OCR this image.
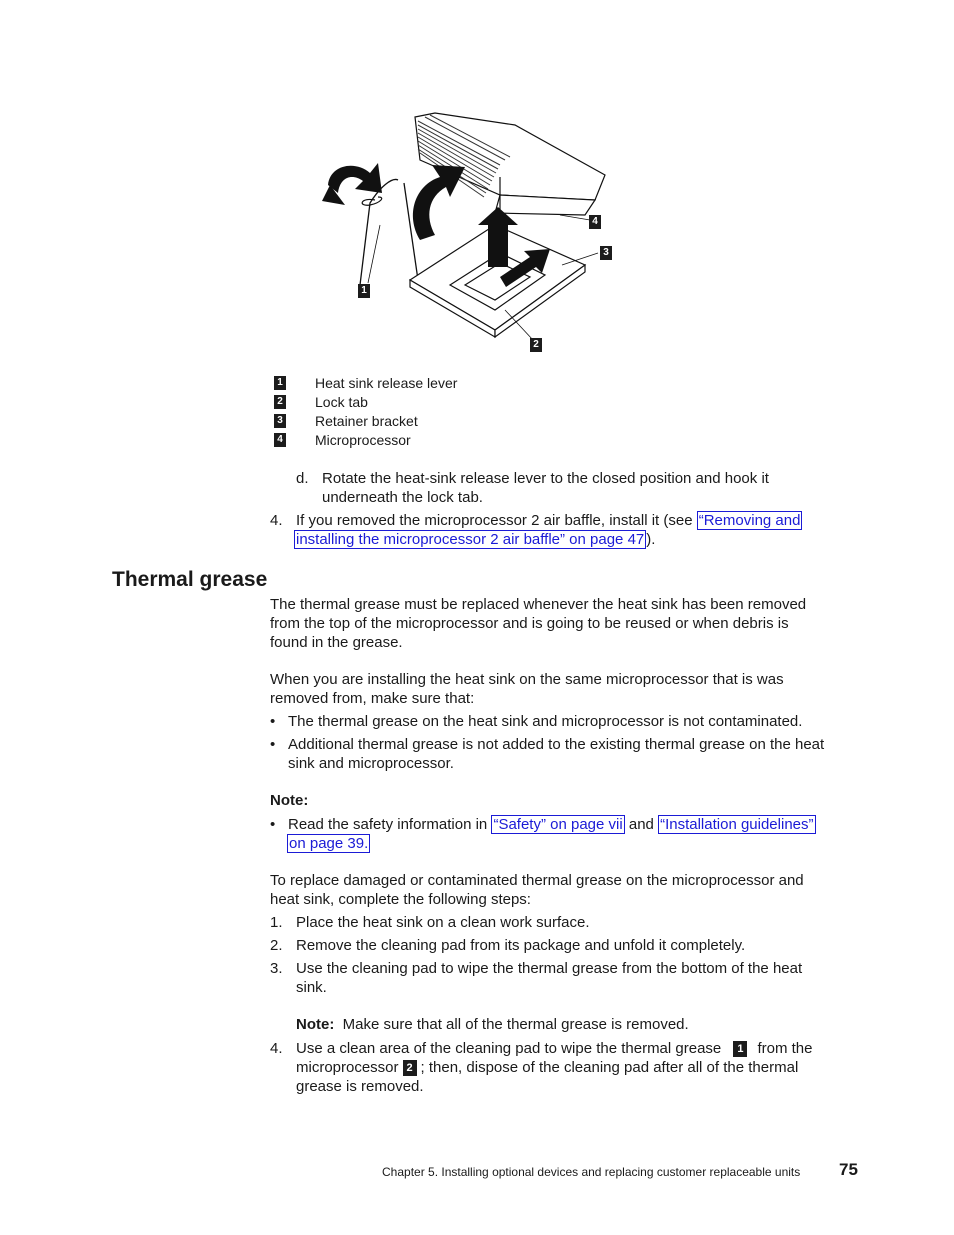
1
2
3
4
1 Heat sink release lever
2 Lock tab
3 Retainer bracket
4 Microprocessor
d. Rotate the heat-sink release lever to the closed position and hook it
underneath the lock tab.
4. If you removed the microprocessor 2 air baffle, install it (see “Removing and
installing the microprocessor 2 air baffle” on page 47 ).
Thermal grease
The thermal grease must be replaced whenever the heat sink has been removed
from the top of the microprocessor and is going to be reused or when debris is
found in the grease.
When you are installing the heat sink on the same microprocessor that is was
removed from, make sure that:
• The thermal grease on the heat sink and microprocessor is not contaminated.
• Additional thermal grease is not added to the existing thermal grease on the heat
sink and microprocessor.
Note:
• Read the safety information in “Safety” on page vii and “Installation guidelines”
on page 39.
To replace damaged or contaminated thermal grease on the microprocessor and
heat sink, complete the following steps:
1. Place the heat sink on a clean work surface.
2. Remove the cleaning pad from its package and unfold it completely.
3. Use the cleaning pad to wipe the thermal grease from the bottom of the heat
sink.
Note: Make sure that all of the thermal grease is removed.
4. Use a clean area of the cleaning pad to wipe the thermal grease 1 from the
microprocessor 2 ; then, dispose of the cleaning pad after all of the thermal
grease is removed.
Chapter 5. Installing optional devices and replacing customer replaceable units 75
